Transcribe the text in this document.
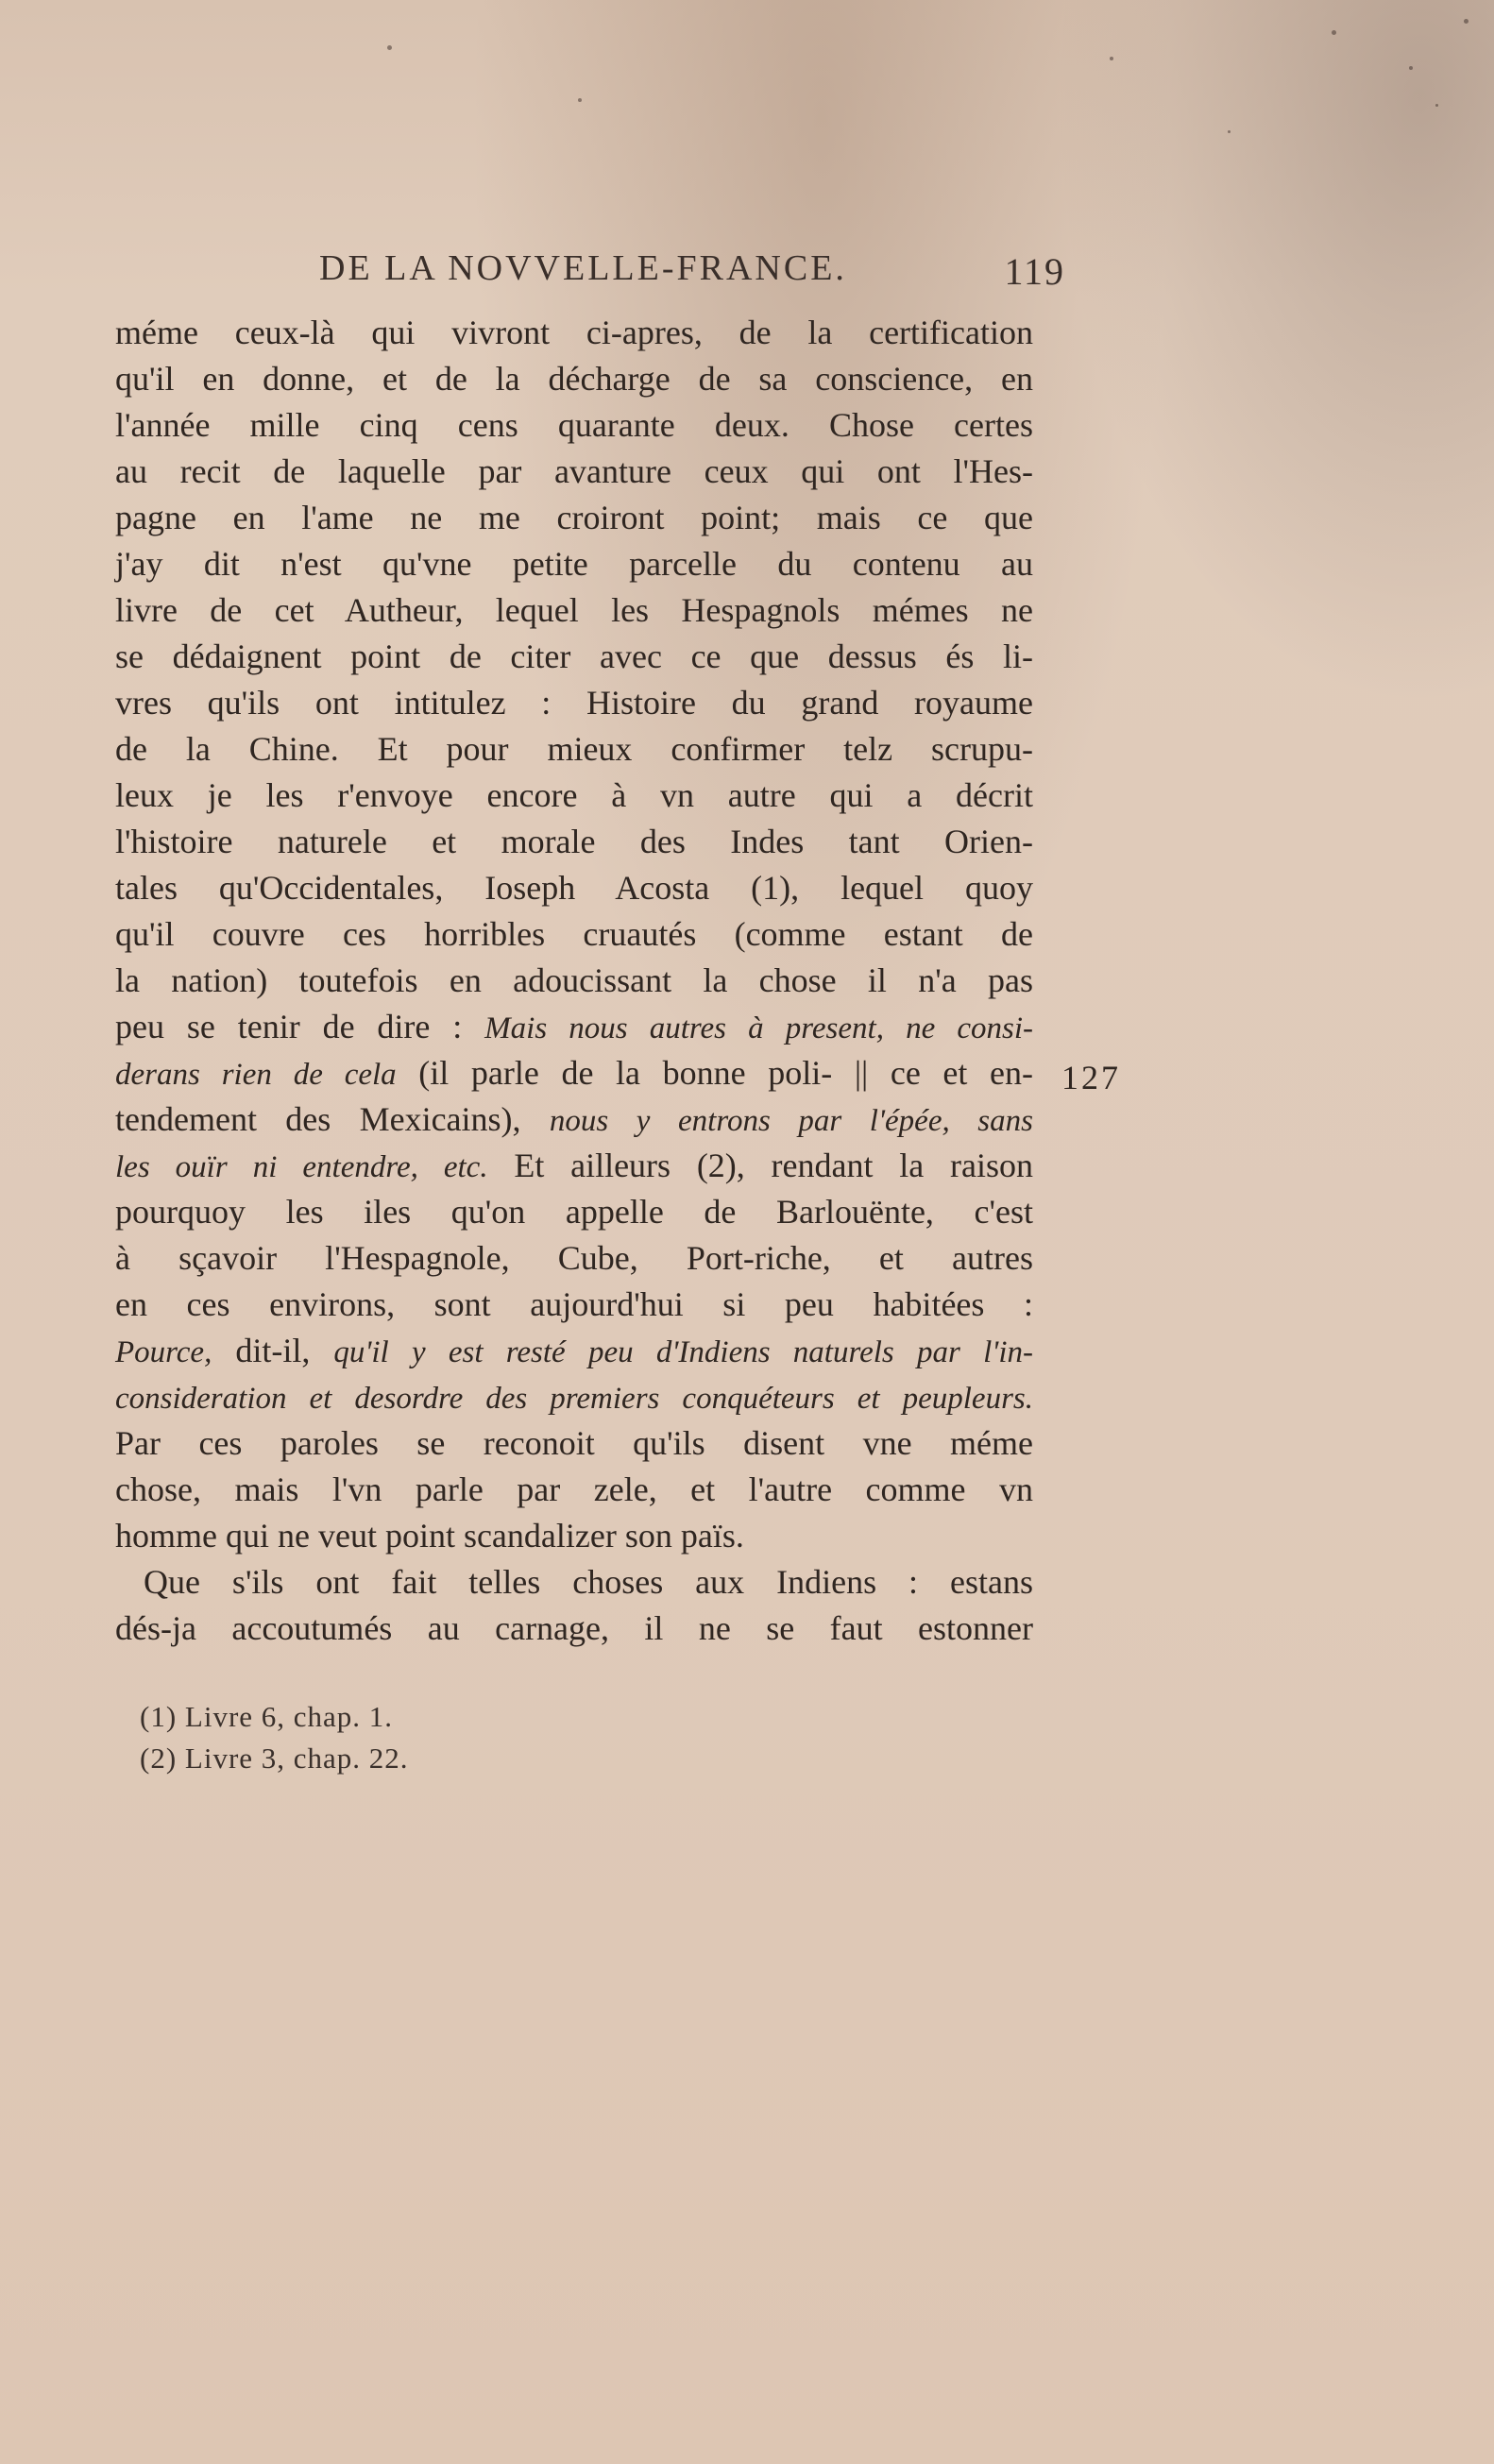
DE LA NOVVELLE-FRANCE.	119
méme ceux-là qui vivront ci-apres, de la certification
qu'il en donne, et de la décharge de sa conscience, en
l'année mille cinq cens quarante deux. Chose certes
au recit de laquelle par avanture ceux qui ont l'Hes-
pagne en l'ame ne me croiront point; mais ce que
j'ay dit n'est qu'vne petite parcelle du contenu au
livre de cet Autheur, lequel les Hespagnols mémes ne
se dédaignent point de citer avec ce que dessus és li-
vres qu'ils ont intitulez : Histoire du grand royaume
de la Chine. Et pour mieux confirmer telz scrupu-
leux je les r'envoye encore à vn autre qui a décrit
l'histoire naturele et morale des Indes tant Orien-
tales qu'Occidentales, Ioseph Acosta (1), lequel quoy
qu'il couvre ces horribles cruautés (comme estant de
la nation) toutefois en adoucissant la chose il n'a pas
peu se tenir de dire : Mais nous autres à present, ne consi-
derans rien de cela (il parle de la bonne poli- || ce et en-
tendement des Mexicains), nous y entrons par l'épée, sans
les ouïr ni entendre, etc. Et ailleurs (2), rendant la raison
pourquoy les iles qu'on appelle de Barlouënte, c'est
à sçavoir l'Hespagnole, Cube, Port-riche, et autres
en ces environs, sont aujourd'hui si peu habitées :
Pource, dit-il, qu'il y est resté peu d'Indiens naturels par l'in-
consideration et desordre des premiers conquéteurs et peupleurs.
Par ces paroles se reconoit qu'ils disent vne méme
chose, mais l'vn parle par zele, et l'autre comme vn
homme qui ne veut point scandalizer son païs.
Que s'ils ont fait telles choses aux Indiens : estans
dés-ja accoutumés au carnage, il ne se faut estonner
127
(1) Livre 6, chap. 1.
(2) Livre 3, chap. 22.
